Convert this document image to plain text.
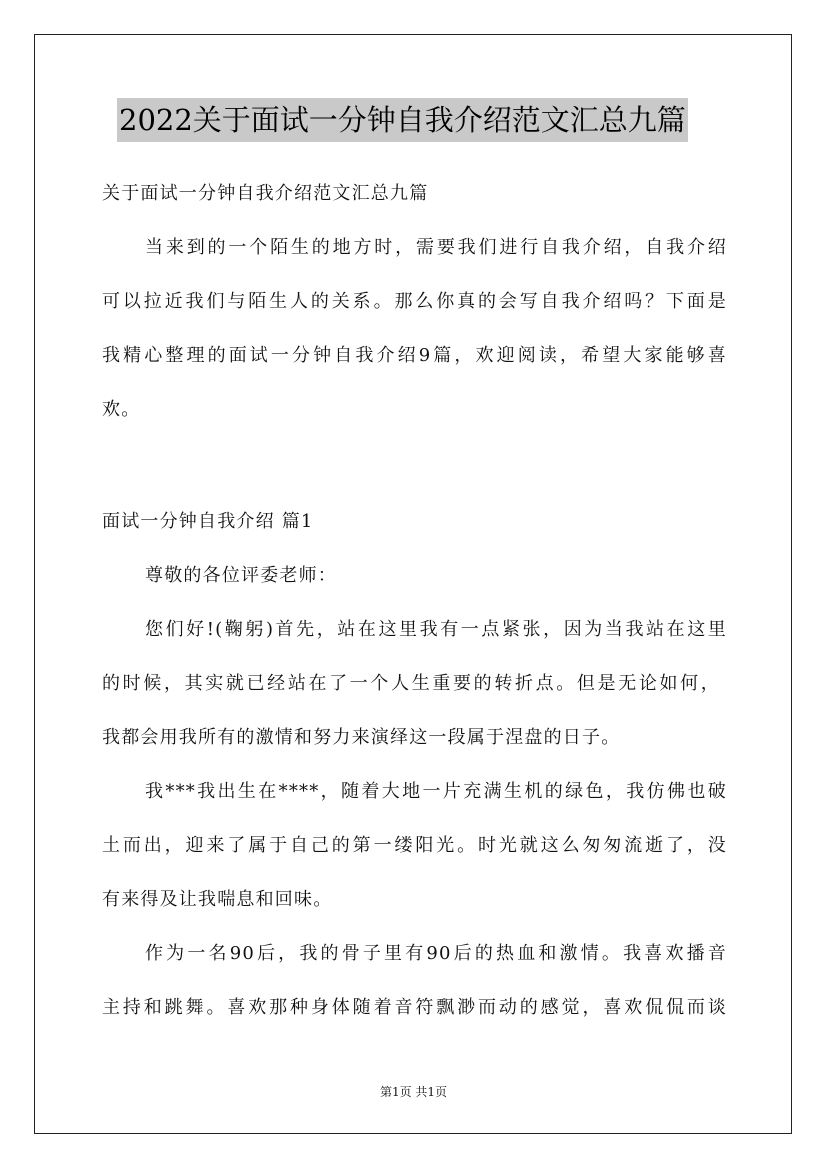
2022关于面试一分钟自我介绍范文汇总九篇
关于面试一分钟自我介绍范文汇总九篇
当来到的一个陌生的地方时，需要我们进行自我介绍，自我介绍
可以拉近我们与陌生人的关系。那么你真的会写自我介绍吗？下面是
我精心整理的面试一分钟自我介绍9篇，欢迎阅读，希望大家能够喜
欢。
面试一分钟自我介绍 篇1
尊敬的各位评委老师：
您们好!(鞠躬)首先，站在这里我有一点紧张，因为当我站在这里
的时候，其实就已经站在了一个人生重要的转折点。但是无论如何，
我都会用我所有的激情和努力来演绎这一段属于涅盘的日子。
我***我出生在****，随着大地一片充满生机的绿色，我仿佛也破
土而出，迎来了属于自己的第一缕阳光。时光就这么匆匆流逝了，没
有来得及让我喘息和回味。
作为一名90后，我的骨子里有90后的热血和激情。我喜欢播音
主持和跳舞。喜欢那种身体随着音符飘渺而动的感觉，喜欢侃侃而谈
第1页 共1页
